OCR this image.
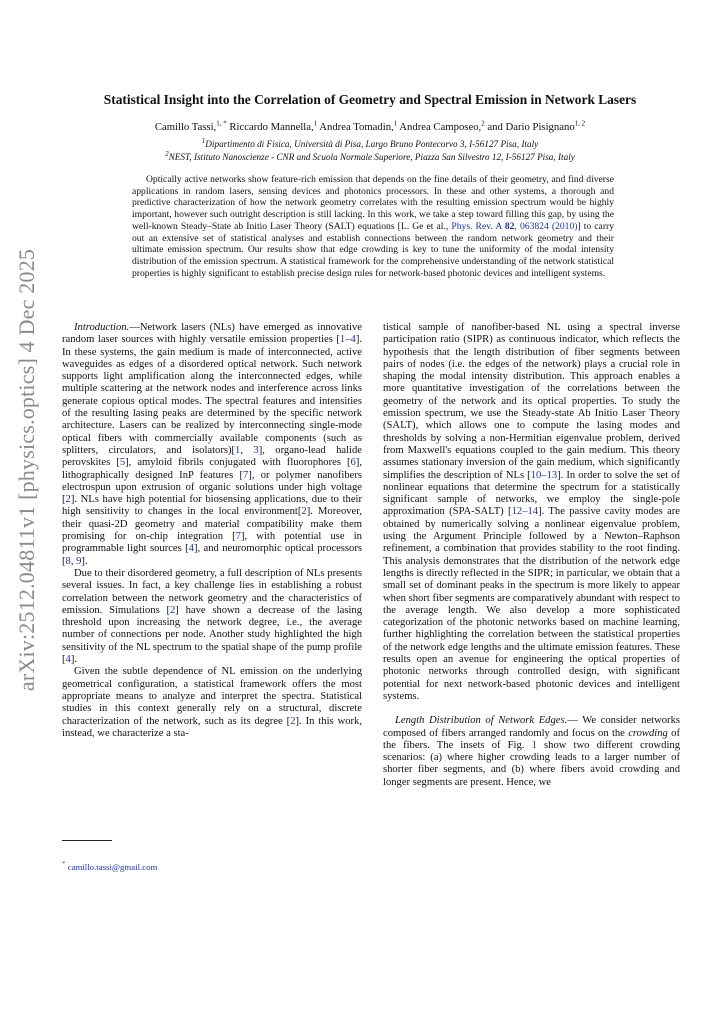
arXiv:2512.04811v1 [physics.optics] 4 Dec 2025
Statistical Insight into the Correlation of Geometry and Spectral Emission in Network Lasers
Camillo Tassi,$^{1, *}$ Riccardo Mannella,$^1$ Andrea Tomadin,$^1$ Andrea Camposeo,$^2$ and Dario Pisignano$^{1, 2}$
$^1$Dipartimento di Fisica, Università di Pisa, Largo Bruno Pontecorvo 3, I-56127 Pisa, Italy
$^2$NEST, Istituto Nanoscienze - CNR and Scuola Normale Superiore, Piazza San Silvestro 12, I-56127 Pisa, Italy
Optically active networks show feature-rich emission that depends on the fine details of their geometry, and find diverse applications in random lasers, sensing devices and photonics processors. In these and other systems, a thorough and predictive characterization of how the network geometry correlates with the resulting emission spectrum would be highly important, however such outright description is still lacking. In this work, we take a step toward filling this gap, by using the well-known Steady–State ab Initio Laser Theory (SALT) equations [L. Ge et al., Phys. Rev. A 82, 063824 (2010)] to carry out an extensive set of statistical analyses and establish connections between the random network geometry and their ultimate emission spectrum. Our results show that edge crowding is key to tune the uniformity of the modal intensity distribution of the emission spectrum. A statistical framework for the comprehensive understanding of the network statistical properties is highly significant to establish precise design rules for network-based photonic devices and intelligent systems.

Introduction.—Network lasers (NLs) have emerged as innovative random laser sources with highly versatile emission properties [1–4]. In these systems, the gain medium is made of interconnected, active waveguides as edges of a disordered optical network. Such network supports light amplification along the interconnected edges, while multiple scattering at the network nodes and interference across links generate copious optical modes. The spectral features and intensities of the resulting lasing peaks are determined by the specific network architecture. Lasers can be realized by interconnecting single-mode optical fibers with commercially available components (such as splitters, circulators, and isolators)[1, 3], organo-lead halide perovskites [5], amyloid fibrils conjugated with fluorophores [6], lithographically designed InP features [7], or polymer nanofibers electrospun upon extrusion of organic solutions under high voltage [2]. NLs have high potential for biosensing applications, due to their high sensitivity to changes in the local environment[2]. Moreover, their quasi-2D geometry and material compatibility make them promising for on-chip integration [7], with potential use in programmable light sources [4], and neuromorphic optical processors [8, 9].

Due to their disordered geometry, a full description of NLs presents several issues. In fact, a key challenge lies in establishing a robust correlation between the network geometry and the characteristics of emission. Simulations [2] have shown a decrease of the lasing threshold upon increasing the network degree, i.e., the average number of connections per node. Another study highlighted the high sensitivity of the NL spectrum to the spatial shape of the pump profile [4].

Given the subtle dependence of NL emission on the underlying geometrical configuration, a statistical framework offers the most appropriate means to analyze and interpret the spectra. Statistical studies in this context generally rely on a structural, discrete characterization of the network, such as its degree [2]. In this work, instead, we characterize a sta-

tistical sample of nanofiber-based NL using a spectral inverse participation ratio (SIPR) as continuous indicator, which reflects the hypothesis that the length distribution of fiber segments between pairs of nodes (i.e. the edges of the network) plays a crucial role in shaping the modal intensity distribution. This approach enables a more quantitative investigation of the correlations between the geometry of the network and its optical properties. To study the emission spectrum, we use the Steady-state Ab Initio Laser Theory (SALT), which allows one to compute the lasing modes and thresholds by solving a non-Hermitian eigenvalue problem, derived from Maxwell's equations coupled to the gain medium. This theory assumes stationary inversion of the gain medium, which significantly simplifies the description of NLs [10–13]. In order to solve the set of nonlinear equations that determine the spectrum for a statistically significant sample of networks, we employ the single-pole approximation (SPA-SALT) [12–14]. The passive cavity modes are obtained by numerically solving a nonlinear eigenvalue problem, using the Argument Principle followed by a Newton–Raphson refinement, a combination that provides stability to the root finding. This analysis demonstrates that the distribution of the network edge lengths is directly reflected in the SIPR; in particular, we obtain that a small set of dominant peaks in the spectrum is more likely to appear when short fiber segments are comparatively abundant with respect to the average length. We also develop a more sophisticated categorization of the photonic networks based on machine learning, further highlighting the correlation between the statistical properties of the network edge lengths and the ultimate emission features. These results open an avenue for engineering the optical properties of photonic networks through controlled design, with significant potential for next network-based photonic devices and intelligent systems.

Length Distribution of Network Edges.— We consider networks composed of fibers arranged randomly and focus on the crowding of the fibers. The insets of Fig. 1 show two different crowding scenarios: (a) where higher crowding leads to a larger number of shorter fiber segments, and (b) where fibers avoid crowding and longer segments are present. Hence, we

* camillo.tassi@gmail.com
